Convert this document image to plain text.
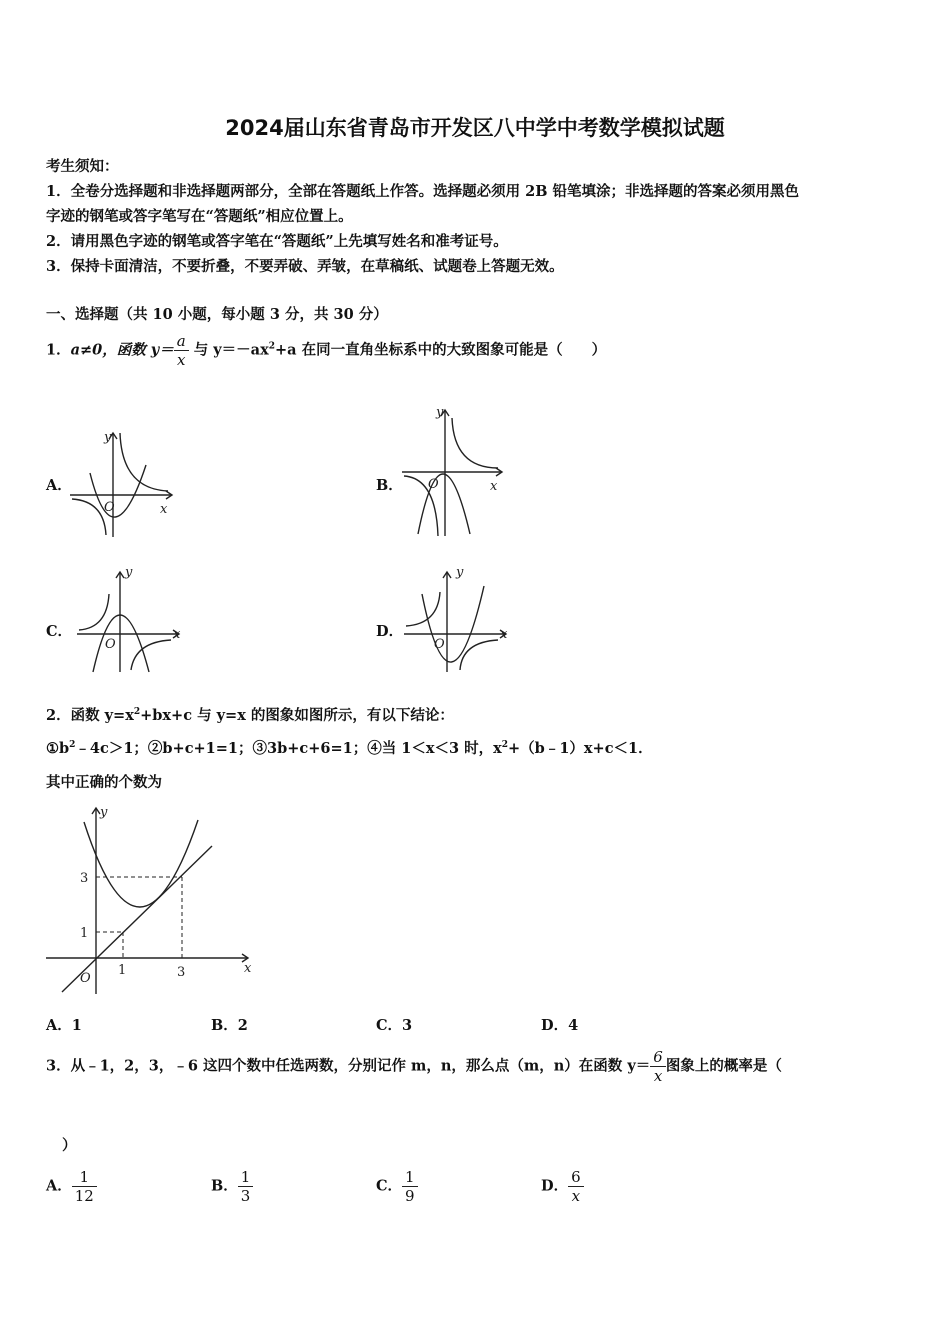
2024届山东省青岛市开发区八中学中考数学模拟试题
考生须知：
1．全卷分选择题和非选择题两部分，全部在答题纸上作答。选择题必须用 2B 铅笔填涂；非选择题的答案必须用黑色
字迹的钢笔或答字笔写在“答题纸”相应位置上。
2．请用黑色字迹的钢笔或答字笔在“答题纸”上先填写姓名和准考证号。
3．保持卡面清洁，不要折叠，不要弄破、弄皱，在草稿纸、试题卷上答题无效。
一、选择题（共 10 小题，每小题 3 分，共 30 分）
1．a≠0，函数 $y= \frac{a}{x}$ 与 $y=-ax^2+a$ 在同一直角坐标系中的大致图象可能是（　　）
A．
y
x
O
B．
y
x
O
C．
y
x
O
D．
y
x
O
2．函数 $y=x^2+bx+c$ 与 y=x 的图象如图所示，有以下结论：
$①b^2﹣4c>1$；②b+c+1=1；③3b+c+6=1；④当 1＜x＜3 时，$x^2+(b﹣1)x+c<1$．
其中正确的个数为
y
x
O
1	3
3
1
A．1	B．2	C．3	D．4
3．从﹣1，2，3，﹣6 这四个数中任选两数，分别记作 m，n，那么点（m，n）在函数 $y= \frac{6}{x}$ 图象上的概率是（
）
A． $\frac{1}{12}$	B． $\frac{1}{3}$	C． $\frac{1}{9}$	D． $\frac{6}{x}$
